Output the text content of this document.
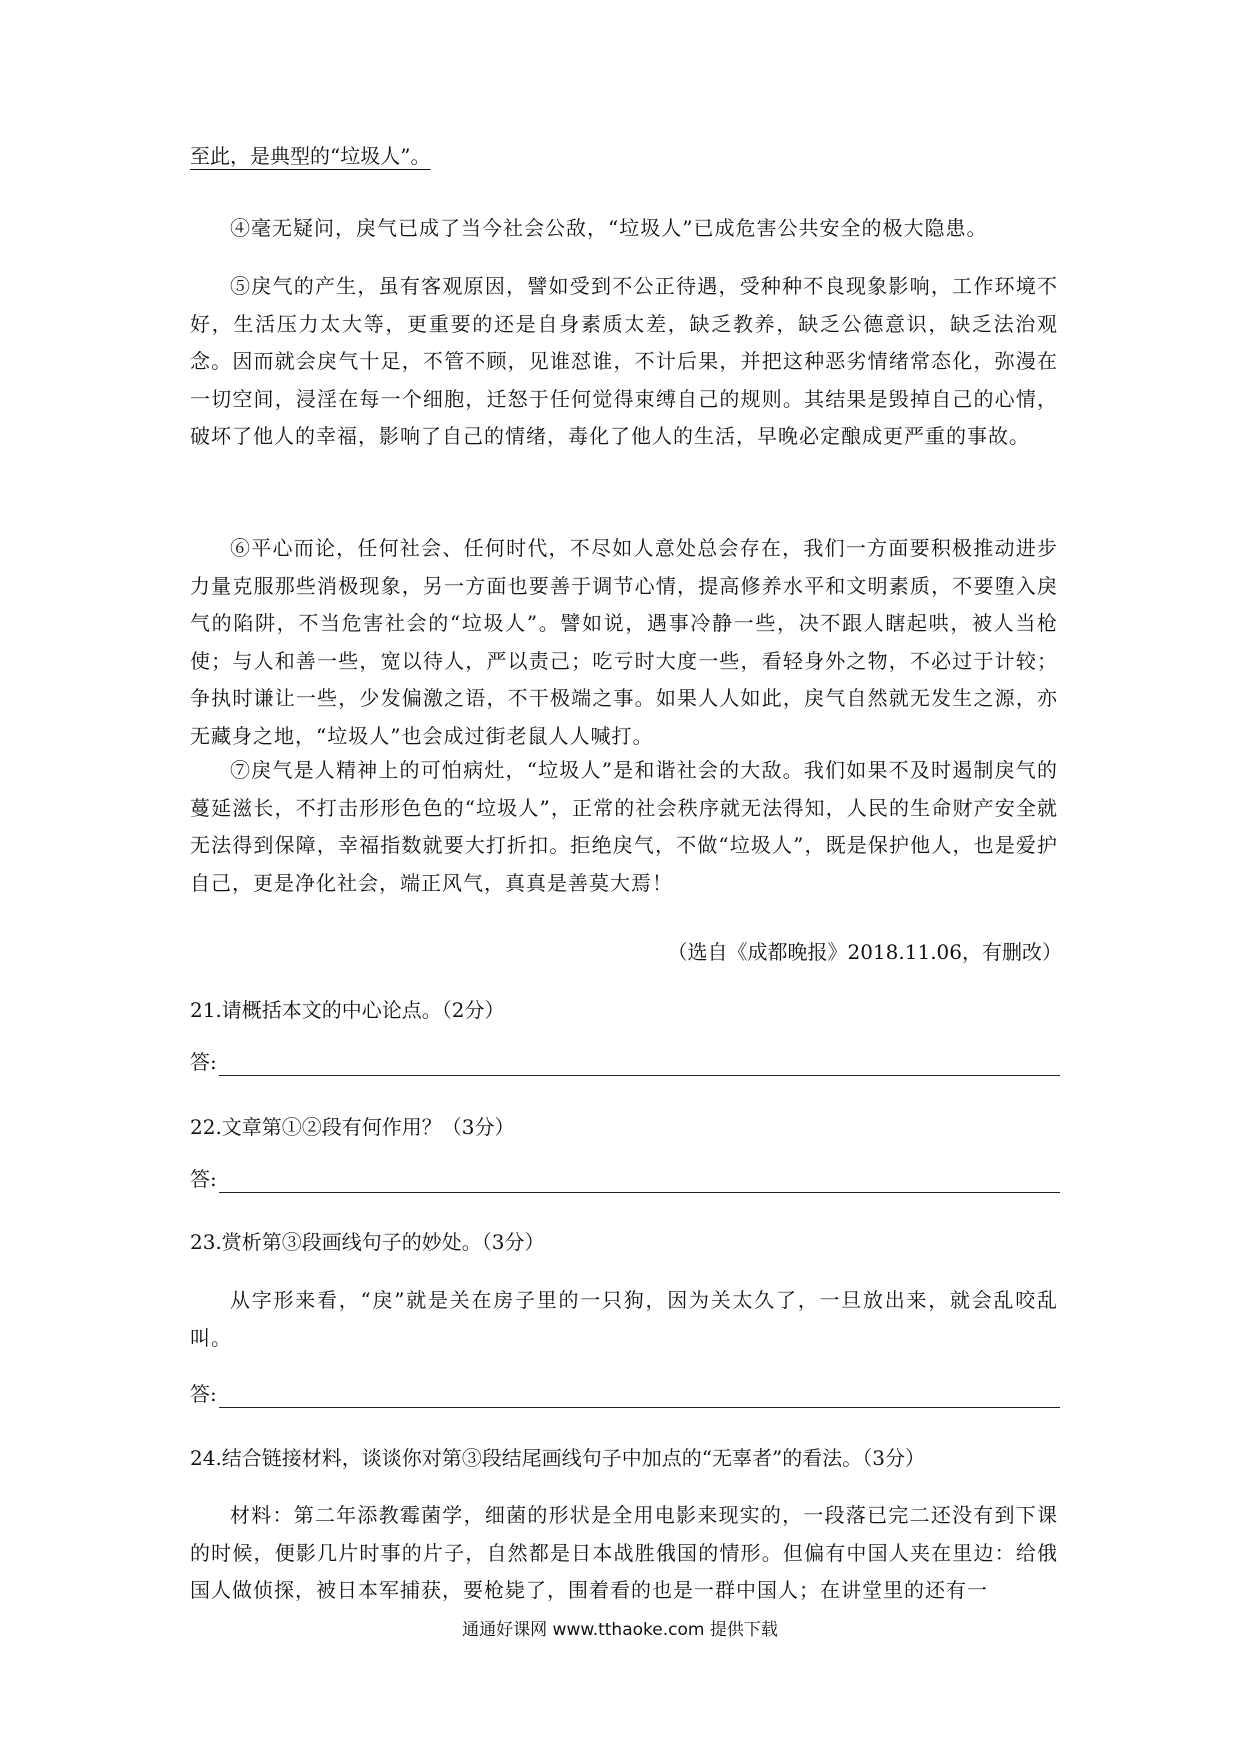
至此，是典型的“垃圾人”。
④毫无疑问，戾气已成了当今社会公敌，“垃圾人”已成危害公共安全的极大隐患。
⑤戾气的产生，虽有客观原因，譬如受到不公正待遇，受种种不良现象影响，工作环境不好，生活压力太大等，更重要的还是自身素质太差，缺乏教养，缺乏公德意识，缺乏法治观念。因而就会戾气十足，不管不顾，见谁怼谁，不计后果，并把这种恶劣情绪常态化，弥漫在一切空间，浸淫在每一个细胞，迁怒于任何觉得束缚自己的规则。其结果是毁掉自己的心情，破坏了他人的幸福，影响了自己的情绪，毒化了他人的生活，早晚必定酿成更严重的事故。
⑥平心而论，任何社会、任何时代，不尽如人意处总会存在，我们一方面要积极推动进步力量克服那些消极现象，另一方面也要善于调节心情，提高修养水平和文明素质，不要堕入戾气的陷阱，不当危害社会的“垃圾人”。譬如说，遇事冷静一些，决不跟人瞎起哄，被人当枪使；与人和善一些，宽以待人，严以责己；吃亏时大度一些，看轻身外之物，不必过于计较；争执时谦让一些，少发偏激之语，不干极端之事。如果人人如此，戾气自然就无发生之源，亦无藏身之地，“垃圾人”也会成过街老鼠人人喊打。
⑦戾气是人精神上的可怕病灶，“垃圾人”是和谐社会的大敌。我们如果不及时遏制戾气的蔓延滋长，不打击形形色色的“垃圾人”，正常的社会秩序就无法得知，人民的生命财产安全就无法得到保障，幸福指数就要大打折扣。拒绝戾气，不做“垃圾人”，既是保护他人，也是爱护自己，更是净化社会，端正风气，真真是善莫大焉！
（选自《成都晚报》2018.11.06，有删改）
21.请概括本文的中心论点。（2分）
答:
22.文章第①②段有何作用？（3分）
答:
23.赏析第③段画线句子的妙处。（3分）
从字形来看，“戾”就是关在房子里的一只狗，因为关太久了，一旦放出来，就会乱咬乱叫。
答:
24.结合链接材料，谈谈你对第③段结尾画线句子中加点的“无辜者”的看法。（3分）
材料：第二年添教霉菌学，细菌的形状是全用电影来现实的，一段落已完二还没有到下课的时候，便影几片时事的片子，自然都是日本战胜俄国的情形。但偏有中国人夹在里边：给俄国人做侦探，被日本军捕获，要枪毙了，围着看的也是一群中国人；在讲堂里的还有一
通通好课网 www.tthaoke.com 提供下载
